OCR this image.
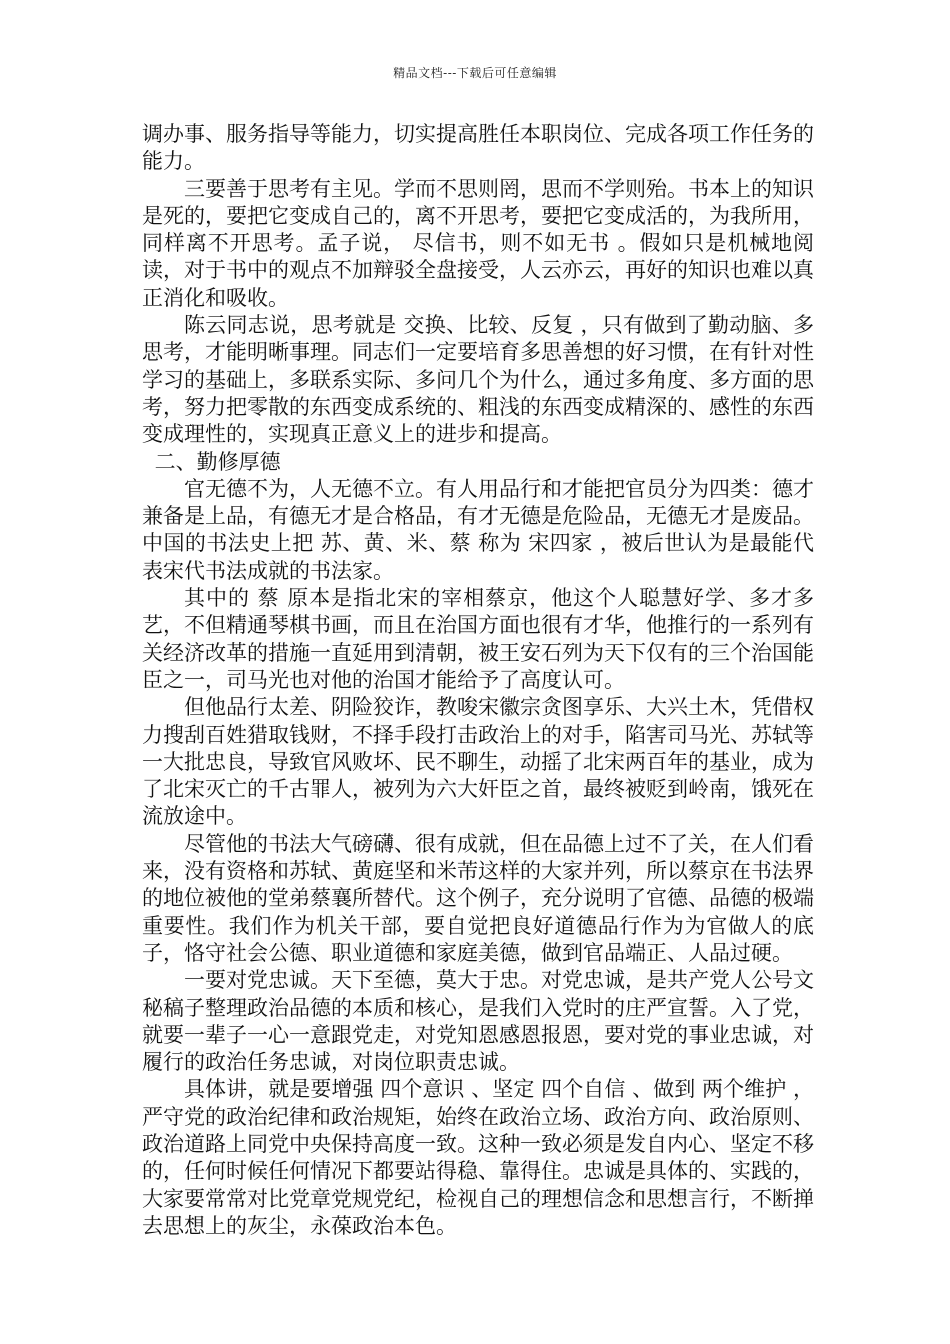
精品文档---下载后可任意编辑

调办事、服务指导等能力，切实提高胜任本职岗位、完成各项工作任务的能力。

三要善于思考有主见。学而不思则罔，思而不学则殆。书本上的知识是死的，要把它变成自己的，离不开思考，要把它变成活的，为我所用，同样离不开思考。孟子说， 尽信书，则不如无书 。假如只是机械地阅读，对于书中的观点不加辩驳全盘接受，人云亦云，再好的知识也难以真正消化和吸收。

陈云同志说，思考就是 交换、比较、反复 ，只有做到了勤动脑、多思考，才能明晰事理。同志们一定要培育多思善想的好习惯，在有针对性学习的基础上，多联系实际、多问几个为什么，通过多角度、多方面的思考，努力把零散的东西变成系统的、粗浅的东西变成精深的、感性的东西变成理性的，实现真正意义上的进步和提高。

二、勤修厚德

官无德不为，人无德不立。有人用品行和才能把官员分为四类：德才兼备是上品，有德无才是合格品，有才无德是危险品，无德无才是废品。中国的书法史上把 苏、黄、米、蔡 称为 宋四家 ，被后世认为是最能代表宋代书法成就的书法家。

其中的 蔡 原本是指北宋的宰相蔡京，他这个人聪慧好学、多才多艺，不但精通琴棋书画，而且在治国方面也很有才华，他推行的一系列有关经济改革的措施一直延用到清朝，被王安石列为天下仅有的三个治国能臣之一，司马光也对他的治国才能给予了高度认可。

但他品行太差、阴险狡诈，教唆宋徽宗贪图享乐、大兴土木，凭借权力搜刮百姓猎取钱财，不择手段打击政治上的对手，陷害司马光、苏轼等一大批忠良，导致官风败坏、民不聊生，动摇了北宋两百年的基业，成为了北宋灭亡的千古罪人，被列为六大奸臣之首，最终被贬到岭南，饿死在流放途中。

尽管他的书法大气磅礴、很有成就，但在品德上过不了关，在人们看来，没有资格和苏轼、黄庭坚和米芾这样的大家并列，所以蔡京在书法界的地位被他的堂弟蔡襄所替代。这个例子，充分说明了官德、品德的极端重要性。我们作为机关干部，要自觉把良好道德品行作为为官做人的底子，恪守社会公德、职业道德和家庭美德，做到官品端正、人品过硬。

一要对党忠诚。天下至德，莫大于忠。对党忠诚，是共产党人公号文秘稿子整理政治品德的本质和核心，是我们入党时的庄严宣誓。入了党，就要一辈子一心一意跟党走，对党知恩感恩报恩，要对党的事业忠诚，对履行的政治任务忠诚，对岗位职责忠诚。

具体讲，就是要增强 四个意识 、坚定 四个自信 、做到 两个维护 ，严守党的政治纪律和政治规矩，始终在政治立场、政治方向、政治原则、政治道路上同党中央保持高度一致。这种一致必须是发自内心、坚定不移的，任何时候任何情况下都要站得稳、靠得住。忠诚是具体的、实践的，大家要常常对比党章党规党纪，检视自己的理想信念和思想言行，不断掸去思想上的灰尘，永葆政治本色。
